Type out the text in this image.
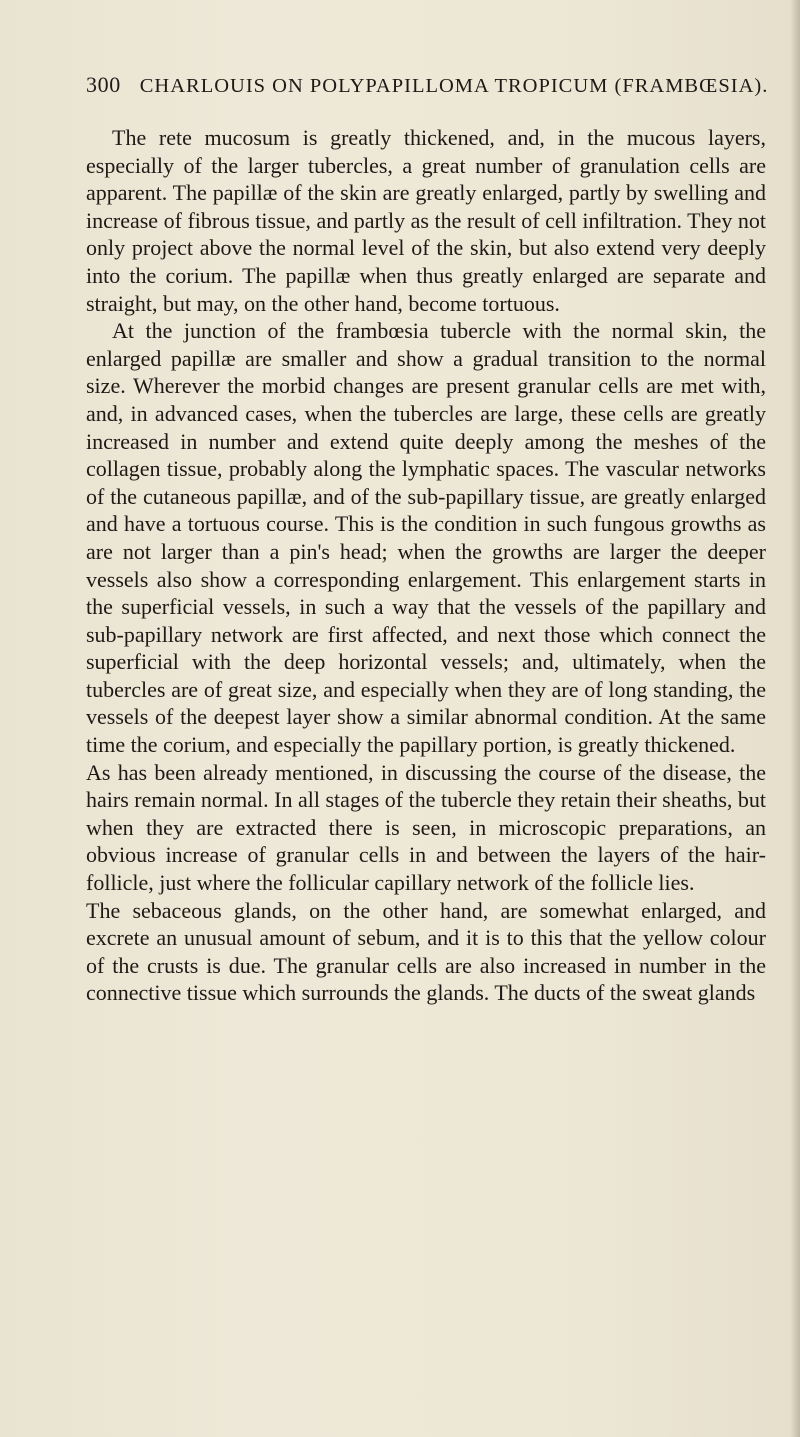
300 CHARLOUIS ON POLYPAPILLOMA TROPICUM (FRAMBŒSIA).

The rete mucosum is greatly thickened, and, in the mucous layers, especially of the larger tubercles, a great number of granulation cells are apparent. The papillæ of the skin are greatly enlarged, partly by swelling and increase of fibrous tissue, and partly as the result of cell infiltration. They not only project above the normal level of the skin, but also extend very deeply into the corium. The papillæ when thus greatly enlarged are separate and straight, but may, on the other hand, become tortuous.

At the junction of the frambœsia tubercle with the normal skin, the enlarged papillæ are smaller and show a gradual transition to the normal size. Wherever the morbid changes are present granular cells are met with, and, in advanced cases, when the tubercles are large, these cells are greatly increased in number and extend quite deeply among the meshes of the collagen tissue, probably along the lymphatic spaces. The vascular networks of the cutaneous papillæ, and of the sub-papillary tissue, are greatly enlarged and have a tortuous course. This is the condition in such fungous growths as are not larger than a pin's head; when the growths are larger the deeper vessels also show a corresponding enlargement. This enlargement starts in the superficial vessels, in such a way that the vessels of the papillary and sub-papillary network are first affected, and next those which connect the superficial with the deep horizontal vessels; and, ultimately, when the tubercles are of great size, and especially when they are of long standing, the vessels of the deepest layer show a similar abnormal condition. At the same time the corium, and especially the papillary portion, is greatly thickened.

As has been already mentioned, in discussing the course of the disease, the hairs remain normal. In all stages of the tubercle they retain their sheaths, but when they are extracted there is seen, in microscopic preparations, an obvious increase of granular cells in and between the layers of the hair-follicle, just where the follicular capillary network of the follicle lies.

The sebaceous glands, on the other hand, are somewhat enlarged, and excrete an unusual amount of sebum, and it is to this that the yellow colour of the crusts is due. The granular cells are also increased in number in the connective tissue which surrounds the glands. The ducts of the sweat glands
